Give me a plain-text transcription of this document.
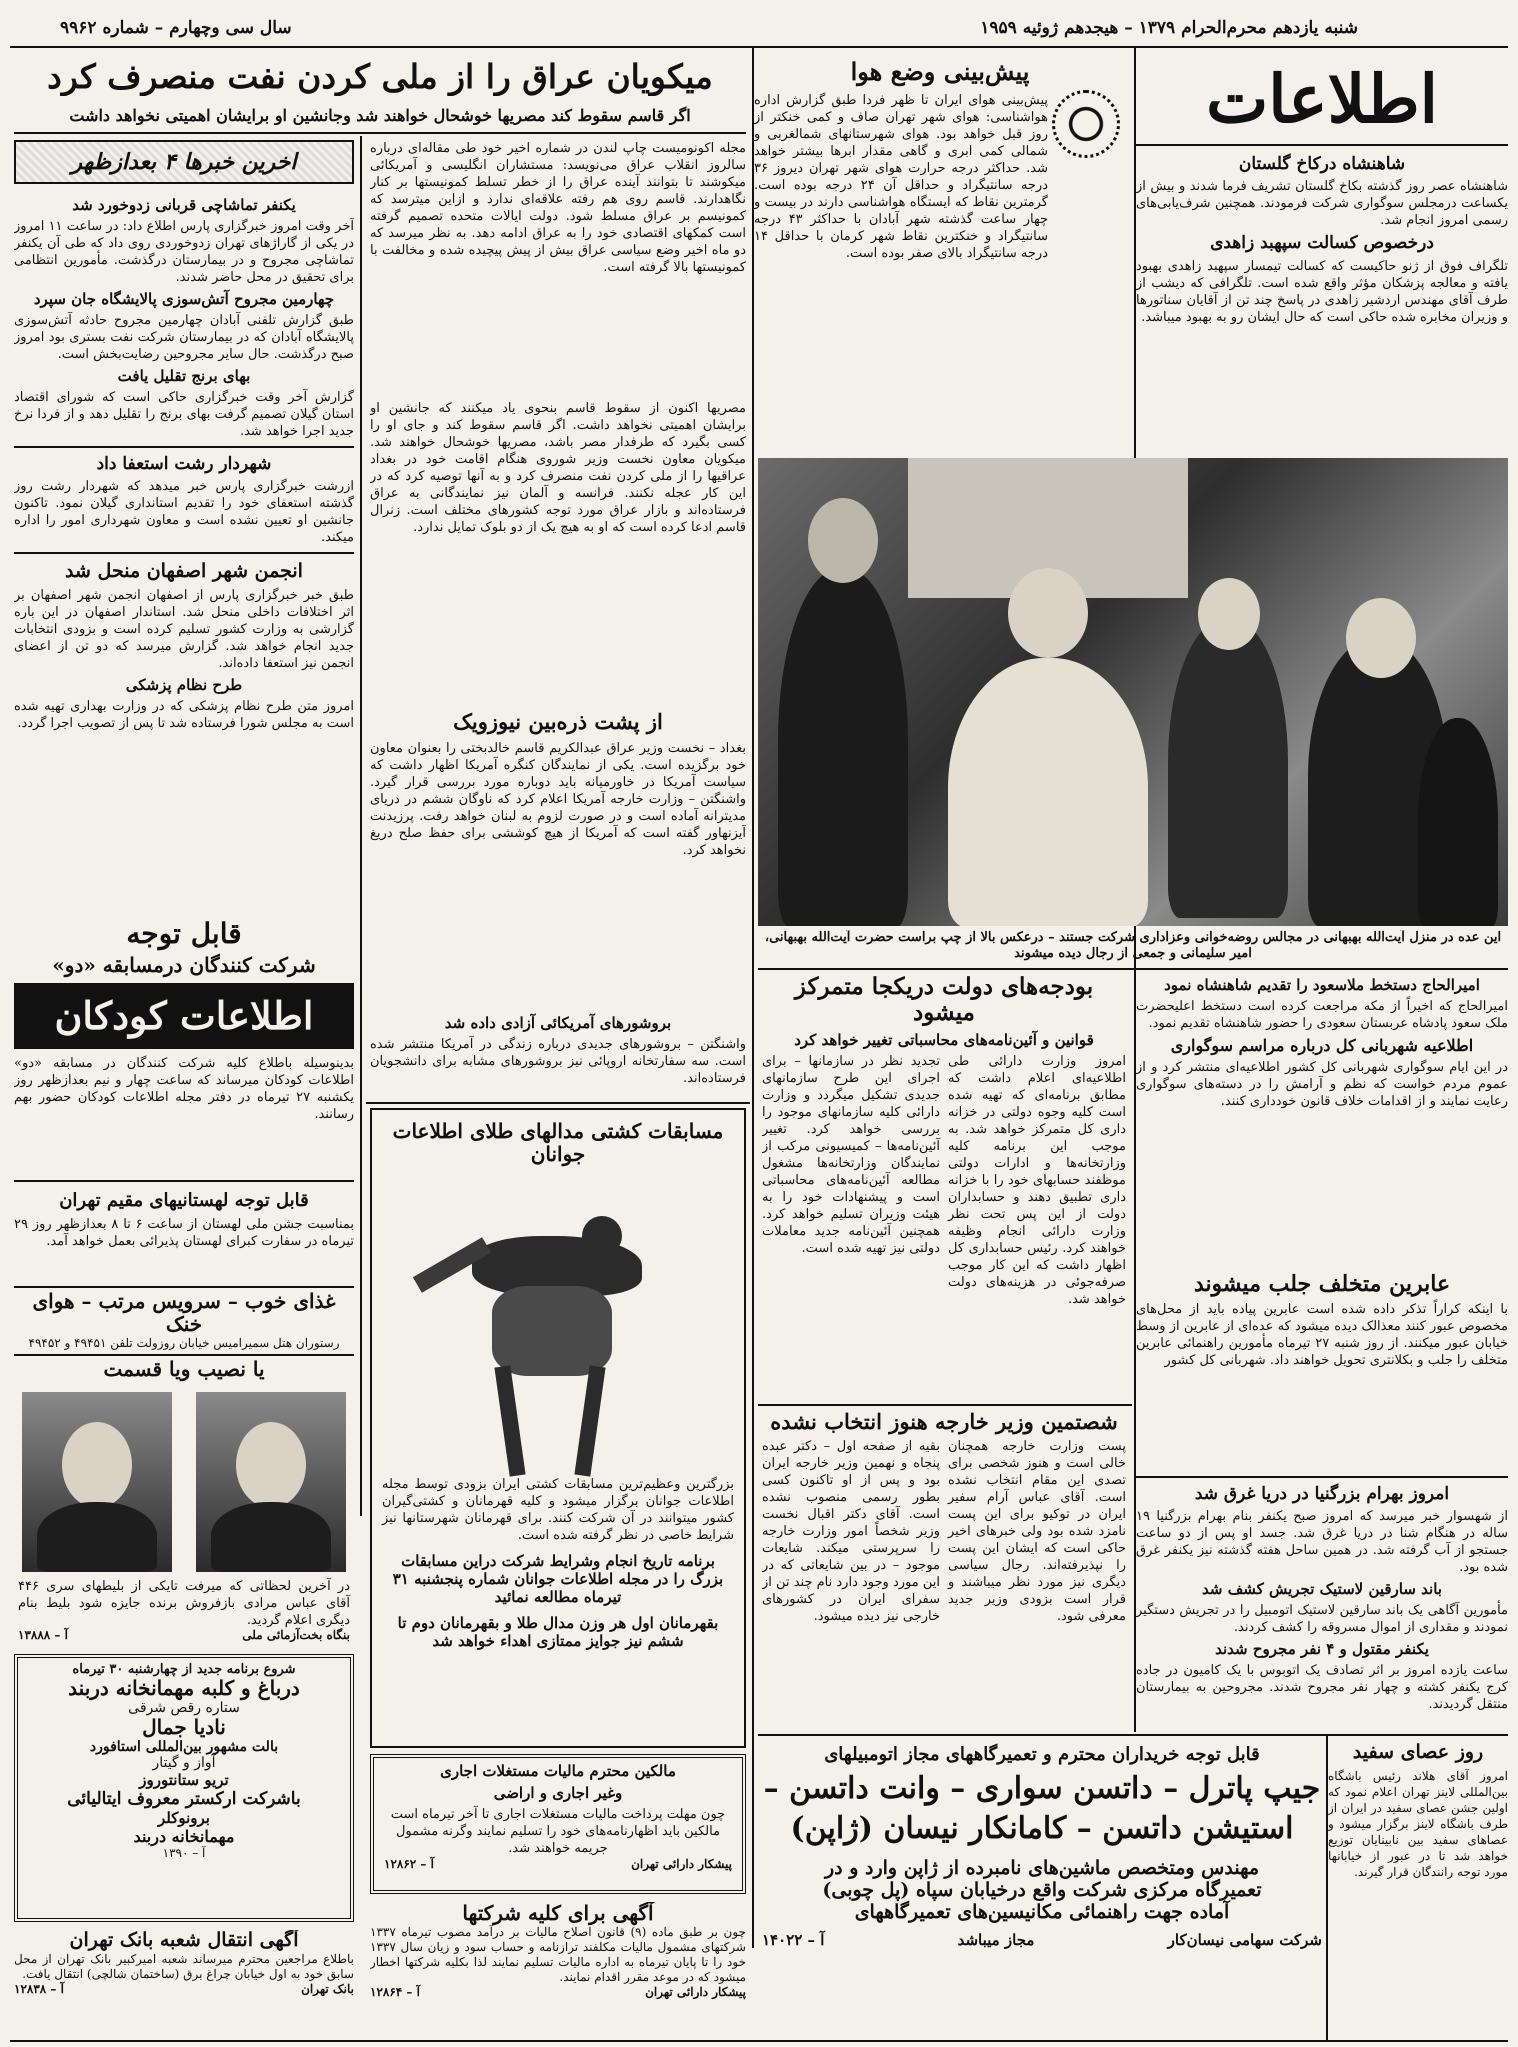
شنبه یازدهم محرم‌الحرام ۱۳۷۹ – هیجدهم ژوئیه ۱۹۵۹
سال سی وچهارم – شماره ۹۹۶۲
اطلاعات
شاهنشاه درکاخ گلستان
شاهنشاه عصر روز گذشته بکاخ گلستان تشریف فرما شدند و بیش از یکساعت درمجلس سوگواری شرکت فرمودند. همچنین شرف‌یابی‌های رسمی امروز انجام شد.
درخصوص کسالت سپهبد زاهدی
تلگراف فوق از ژنو حاکیست که کسالت تیمسار سپهبد زاهدی بهبود یافته و معالجه پزشکان مؤثر واقع شده است. تلگرافی که دیشب از طرف آقای مهندس اردشیر زاهدی در پاسخ چند تن از آقایان سناتورها و وزیران مخابره شده حاکی است که حال ایشان رو به بهبود میباشد.
پیش‌بینی وضع هوا
پیش‌بینی هوای ایران تا ظهر فردا طبق گزارش اداره هواشناسی: هوای شهر تهران صاف و کمی خنکتر از روز قبل خواهد بود. هوای شهرستانهای شمالغربی و شمالی کمی ابری و گاهی مقدار ابرها بیشتر خواهد شد. حداکثر درجه حرارت هوای شهر تهران دیروز ۳۶ درجه سانتیگراد و حداقل آن ۲۴ درجه بوده است. گرمترین نقاط که ایستگاه هواشناسی دارند در بیست و چهار ساعت گذشته شهر آبادان با حداکثر ۴۳ درجه سانتیگراد و خنکترین نقاط شهر کرمان با حداقل ۱۴ درجه سانتیگراد بالای صفر بوده است.
میکویان عراق را از ملی کردن نفت منصرف کرد
اگر قاسم سقوط کند مصریها خوشحال خواهند شد وجانشین او برایشان اهمیتی نخواهد داشت
مجله اکونومیست چاپ لندن در شماره اخیر خود طی مقاله‌ای درباره سالروز انقلاب عراق می‌نویسد: مستشاران انگلیسی و آمریکائی میکوشند تا بتوانند آینده عراق را از خطر تسلط کمونیستها بر کنار نگاهدارند. قاسم روی هم رفته علاقه‌ای ندارد و ازاین میترسد که کمونیسم بر عراق مسلط شود. دولت ایالات متحده تصمیم گرفته است کمکهای اقتصادی خود را به عراق ادامه دهد. به نظر میرسد که دو ماه اخیر وضع سیاسی عراق بیش از پیش پیچیده شده و مخالفت با کمونیستها بالا گرفته است.
مصریها اکنون از سقوط قاسم بنحوی یاد میکنند که جانشین او برایشان اهمیتی نخواهد داشت. اگر قاسم سقوط کند و جای او را کسی بگیرد که طرفدار مصر باشد، مصریها خوشحال خواهند شد. میکویان معاون نخست وزیر شوروی هنگام اقامت خود در بغداد عراقیها را از ملی کردن نفت منصرف کرد و به آنها توصیه کرد که در این کار عجله نکنند. فرانسه و آلمان نیز نمایندگانی به عراق فرستاده‌اند و بازار عراق مورد توجه کشورهای مختلف است. زنرال قاسم ادعا کرده است که او به هیچ یک از دو بلوک تمایل ندارد.
اخرین خبرها ۴ بعدازظهر
یکنفر تماشاچی قربانی زدوخورد شد
آخر وقت امروز خبرگزاری پارس اطلاع داد: در ساعت ۱۱ امروز در یکی از گاراژهای تهران زدوخوردی روی داد که طی آن یکنفر تماشاچی مجروح و در بیمارستان درگذشت. مأمورین انتظامی برای تحقیق در محل حاضر شدند.
چهارمین مجروح آتش‌سوزی پالایشگاه جان سپرد
طبق گزارش تلفنی آبادان چهارمین مجروح حادثه آتش‌سوزی پالایشگاه آبادان که در بیمارستان شرکت نفت بستری بود امروز صبح درگذشت. حال سایر مجروحین رضایت‌بخش است.
بهای برنج تقلیل یافت
گزارش آخر وقت خبرگزاری حاکی است که شورای اقتصاد استان گیلان تصمیم گرفت بهای برنج را تقلیل دهد و از فردا نرخ جدید اجرا خواهد شد.
شهردار رشت استعفا داد
ازرشت خبرگزاری پارس خبر میدهد که شهردار رشت روز گذشته استعفای خود را تقدیم استانداری گیلان نمود. تاکنون جانشین او تعیین نشده است و معاون شهرداری امور را اداره میکند.
انجمن شهر اصفهان منحل شد
طبق خبر خبرگزاری پارس از اصفهان انجمن شهر اصفهان بر اثر اختلافات داخلی منحل شد. استاندار اصفهان در این باره گزارشی به وزارت کشور تسلیم کرده است و بزودی انتخابات جدید انجام خواهد شد. گزارش میرسد که دو تن از اعضای انجمن نیز استعفا داده‌اند.
طرح نظام پزشکی
امروز متن طرح نظام پزشکی که در وزارت بهداری تهیه شده است به مجلس شورا فرستاده شد تا پس از تصویب اجرا گردد.	از پشت ذره‌بین نیوزویک
بغداد – نخست وزیر عراق عبدالکریم قاسم خالدبختی را بعنوان معاون خود برگزیده است. یکی از نمایندگان کنگره آمریکا اظهار داشت که سیاست آمریکا در خاورمیانه باید دوباره مورد بررسی قرار گیرد. واشنگتن – وزارت خارجه آمریکا اعلام کرد که ناوگان ششم در دریای مدیترانه آماده است و در صورت لزوم به لبنان خواهد رفت. پرزیدنت آیزنهاور گفته است که آمریکا از هیچ کوششی برای حفظ صلح دریغ نخواهد کرد.
بروشورهای آمریکائی آزادی داده شد
واشنگتن – بروشورهای جدیدی درباره زندگی در آمریکا منتشر شده است. سه سفارتخانه اروپائی نیز بروشورهای مشابه برای دانشجویان فرستاده‌اند.
این عده در منزل آیت‌الله بهبهانی در مجالس روضه‌خوانی وعزاداری شرکت جستند – درعکس بالا از چپ براست حضرت آیت‌الله بهبهانی، امیر سلیمانی و جمعی از رجال دیده میشوند
امیرالحاج دستخط ملاسعود را تقدیم شاهنشاه نمود
امیرالحاج که اخیراً از مکه مراجعت کرده است دستخط اعلیحضرت ملک سعود پادشاه عربستان سعودی را حضور شاهنشاه تقدیم نمود.
اطلاعیه شهربانی کل درباره مراسم سوگواری
در این ایام سوگواری شهربانی کل کشور اطلاعیه‌ای منتشر کرد و از عموم مردم خواست که نظم و آرامش را در دسته‌های سوگواری رعایت نمایند و از اقدامات خلاف قانون خودداری کنند.
عابرین متخلف جلب میشوند
با اینکه کراراً تذکر داده شده است عابرین پیاده باید از محل‌های مخصوص عبور کنند معذالک دیده میشود که عده‌ای از عابرین از وسط خیابان عبور میکنند. از روز شنبه ۲۷ تیرماه مأمورین راهنمائی عابرین متخلف را جلب و بکلانتری تحویل خواهند داد. شهربانی کل کشور
امروز بهرام بزرگنیا در دریا غرق شد
از شهسوار خبر میرسد که امروز صبح یکنفر بنام بهرام بزرگنیا ۱۹ ساله در هنگام شنا در دریا غرق شد. جسد او پس از دو ساعت جستجو از آب گرفته شد. در همین ساحل هفته گذشته نیز یکنفر غرق شده بود.
باند سارقین لاستیک تجریش کشف شد
مأمورین آگاهی یک باند سارقین لاستیک اتومبیل را در تجریش دستگیر نمودند و مقداری از اموال مسروقه را کشف کردند.
یکنفر مقتول و ۴ نفر مجروح شدند
ساعت یازده امروز بر اثر تصادف یک اتوبوس با یک کامیون در جاده کرج یکنفر کشته و چهار نفر مجروح شدند. مجروحین به بیمارستان منتقل گردیدند.
بودجه‌های دولت دریکجا متمرکز میشود
قوانین و آئین‌نامه‌های محاسباتی تغییر خواهد کرد
امروز وزارت دارائی طی اطلاعیه‌ای اعلام داشت که مطابق برنامه‌ای که تهیه شده است کلیه وجوه دولتی در خزانه داری کل متمرکز خواهد شد. به موجب این برنامه کلیه وزارتخانه‌ها و ادارات دولتی موظفند حسابهای خود را با خزانه داری تطبیق دهند و حسابداران دولت از این پس تحت نظر وزارت دارائی انجام وظیفه خواهند کرد. رئیس حسابداری کل اظهار داشت که این کار موجب صرفه‌جوئی در هزینه‌های دولت خواهد شد.
تجدید نظر در سازمانها – برای اجرای این طرح سازمانهای جدیدی تشکیل میگردد و وزارت دارائی کلیه سازمانهای موجود را بررسی خواهد کرد. تغییر آئین‌نامه‌ها – کمیسیونی مرکب از نمایندگان وزارتخانه‌ها مشغول مطالعه آئین‌نامه‌های محاسباتی است و پیشنهادات خود را به هیئت وزیران تسلیم خواهد کرد. همچنین آئین‌نامه جدید معاملات دولتی نیز تهیه شده است.
شصتمین وزیر خارجه هنوز انتخاب نشده
پست وزارت خارجه همچنان خالی است و هنوز شخصی برای تصدی این مقام انتخاب نشده است. آقای عباس آرام سفیر ایران در توکیو برای این پست نامزد شده بود ولی خبرهای اخیر حاکی است که ایشان این پست را نپذیرفته‌اند. رجال سیاسی دیگری نیز مورد نظر میباشند و قرار است بزودی وزیر جدید معرفی شود.
بقیه از صفحه اول – دکتر عبده پنجاه و نهمین وزیر خارجه ایران بود و پس از او تاکنون کسی بطور رسمی منصوب نشده است. آقای دکتر اقبال نخست وزیر شخصاً امور وزارت خارجه را سرپرستی میکند. شایعات موجود – در بین شایعاتی که در این مورد وجود دارد نام چند تن از سفرای ایران در کشورهای خارجی نیز دیده میشود.
مسابقات کشتی مدالهای طلای اطلاعات جوانان
بزرگترین وعظیم‌ترین مسابقات کشتی ایران بزودی توسط مجله اطلاعات جوانان برگزار میشود و کلیه قهرمانان و کشتی‌گیران کشور میتوانند در آن شرکت کنند. برای قهرمانان شهرستانها نیز شرایط خاصی در نظر گرفته شده است.
برنامه تاریخ انجام وشرایط شرکت دراین مسابقات بزرگ را در مجله اطلاعات جوانان شماره پنجشنبه ۳۱ تیرماه مطالعه نمائید
بقهرمانان اول هر وزن مدال طلا و بقهرمانان دوم تا ششم نیز جوایز ممتازی اهداء خواهد شد
قابل توجه
شرکت کنندگان درمسابقه «دو»
اطلاعات کودکان
بدینوسیله باطلاع کلیه شرکت کنندگان در مسابقه «دو» اطلاعات کودکان میرساند که ساعت چهار و نیم بعدازظهر روز یکشنبه ۲۷ تیرماه در دفتر مجله اطلاعات کودکان حضور بهم رسانند.
قابل توجه لهستانیهای مقیم تهران
بمناسبت جشن ملی لهستان از ساعت ۶ تا ۸ بعدازظهر روز ۲۹ تیرماه در سفارت کبرای لهستان پذیرائی بعمل خواهد آمد.
غذای خوب – سرویس مرتب – هوای خنک
رستوران هتل سمیرامیس خیابان روزولت تلفن ۴۹۴۵۱ و ۴۹۴۵۲
یا نصیب ویا قسمت
در آخرین لحظاتی که میرفت تایکی از بلیطهای سری ۴۴۶ آقای عباس مرادی بازفروش برنده جایزه شود بلیط بنام دیگری اعلام گردید.
بنگاه بخت‌آزمائی ملی
آ – ۱۳۸۸۸
شروع برنامه جدید از چهارشنبه ۳۰ تیرماه
درباغ و کلبه مهمانخانه دربند
ستاره رقص شرقی
نادیا جمال
بالت مشهور بین‌المللی استافورد
آواز و گیتار
تریو ستانتوروز
باشرکت ارکستر معروف ایتالیائی
برونوکلر
مهمانخانه دربند
آ – ۱۳۹۰
آگهی انتقال شعبه بانک تهران
باطلاع مراجعین محترم میرساند شعبه امیرکبیر بانک تهران از محل سابق خود به اول خیابان چراغ برق (ساختمان شالچی) انتقال یافت.
بانک تهران
آ – ۱۲۸۳۸
مالکین محترم مالیات مستغلات اجاری
وغیر اجاری و اراضی
چون مهلت پرداخت مالیات مستغلات اجاری تا آخر تیرماه است مالکین باید اظهارنامه‌های خود را تسلیم نمایند وگرنه مشمول جریمه خواهند شد.
پیشکار دارائی تهران
آ – ۱۲۸۶۲
آگهی برای کلیه شرکتها
چون بر طبق ماده (۹) قانون اصلاح مالیات بر درآمد مصوب تیرماه ۱۳۳۷ شرکتهای مشمول مالیات مکلفند ترازنامه و حساب سود و زیان سال ۱۳۳۷ خود را تا پایان تیرماه به اداره مالیات تسلیم نمایند لذا بکلیه شرکتها اخطار میشود که در موعد مقرر اقدام نمایند.
پیشکار دارائی تهران
آ – ۱۲۸۶۴
قابل توجه خریداران محترم و تعمیرگاههای مجاز اتومبیلهای
جیپ پاترل – داتسن سواری – وانت داتسن –
استیشن داتسن – کامانکار نیسان (ژاپن)
مهندس ومتخصص ماشین‌های نامبرده از ژاپن وارد و در
تعمیرگاه مرکزی شرکت واقع درخیابان سپاه (پل چوبی)
آماده جهت راهنمائی مکانیسین‌های تعمیرگاههای
شرکت سهامی نیسان‌کار
مجاز میباشد
آ – ۱۴۰۲۲
روز عصای سفید
امروز آقای هلاند رئیس باشگاه بین‌المللی لاینز تهران اعلام نمود که اولین جشن عصای سفید در ایران از طرف باشگاه لاینز برگزار میشود و عصاهای سفید بین نابینایان توزیع خواهد شد تا در عبور از خیابانها مورد توجه رانندگان قرار گیرند.
